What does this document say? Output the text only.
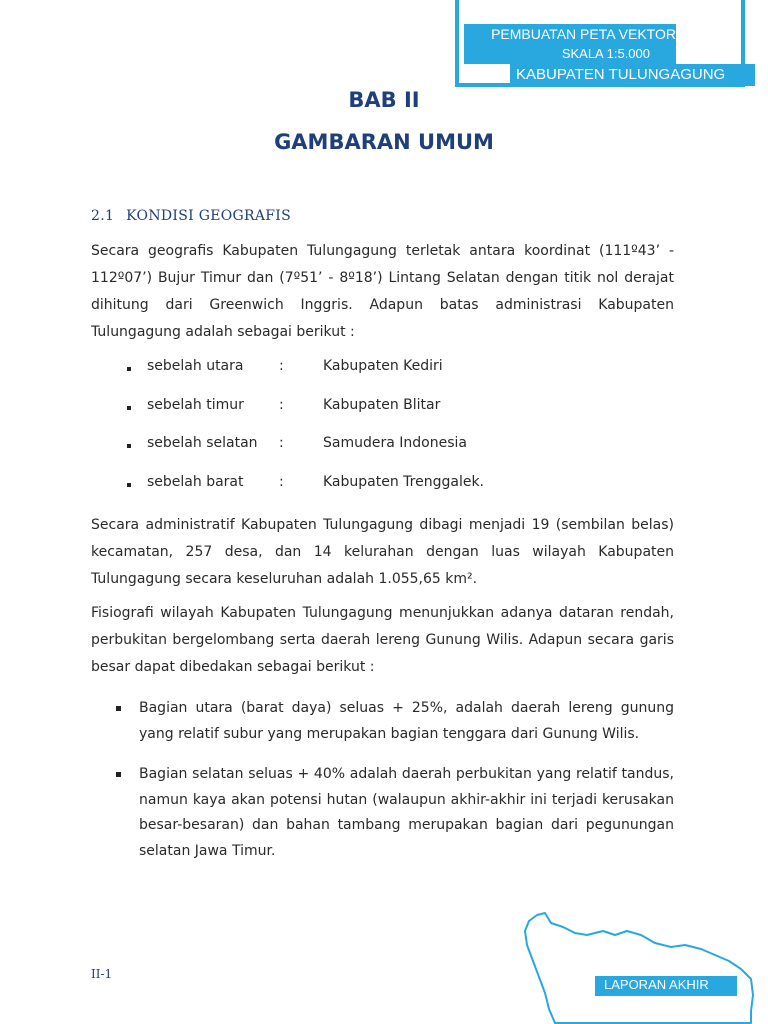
PEMBUATAN PETA VEKTOR
SKALA 1:5.000
KABUPATEN TULUNGAGUNG
BAB II
GAMBARAN UMUM
2.1 KONDISI GEOGRAFIS

Secara geografis Kabupaten Tulungagung terletak antara koordinat (111º43’ - 112º07’) Bujur Timur dan (7º51’ - 8º18’) Lintang Selatan dengan titik nol derajat dihitung dari Greenwich Inggris. Adapun batas administrasi Kabupaten Tulungagung adalah sebagai berikut :

sebelah utara	:	Kabupaten Kediri
sebelah timur	:	Kabupaten Blitar
sebelah selatan :	Samudera Indonesia
sebelah barat	:	Kabupaten Trenggalek.

Secara administratif Kabupaten Tulungagung dibagi menjadi 19 (sembilan belas) kecamatan, 257 desa, dan 14 kelurahan dengan luas wilayah Kabupaten Tulungagung secara keseluruhan adalah 1.055,65 km².

Fisiografi wilayah Kabupaten Tulungagung menunjukkan adanya dataran rendah, perbukitan bergelombang serta daerah lereng Gunung Wilis. Adapun secara garis besar dapat dibedakan sebagai berikut :

Bagian utara (barat daya) seluas + 25%, adalah daerah lereng gunung yang relatif subur yang merupakan bagian tenggara dari Gunung Wilis.
Bagian selatan seluas + 40% adalah daerah perbukitan yang relatif tandus, namun kaya akan potensi hutan (walaupun akhir-akhir ini terjadi kerusakan besar-besaran) dan bahan tambang merupakan bagian dari pegunungan selatan Jawa Timur.
LAPORAN AKHIR
II-1
